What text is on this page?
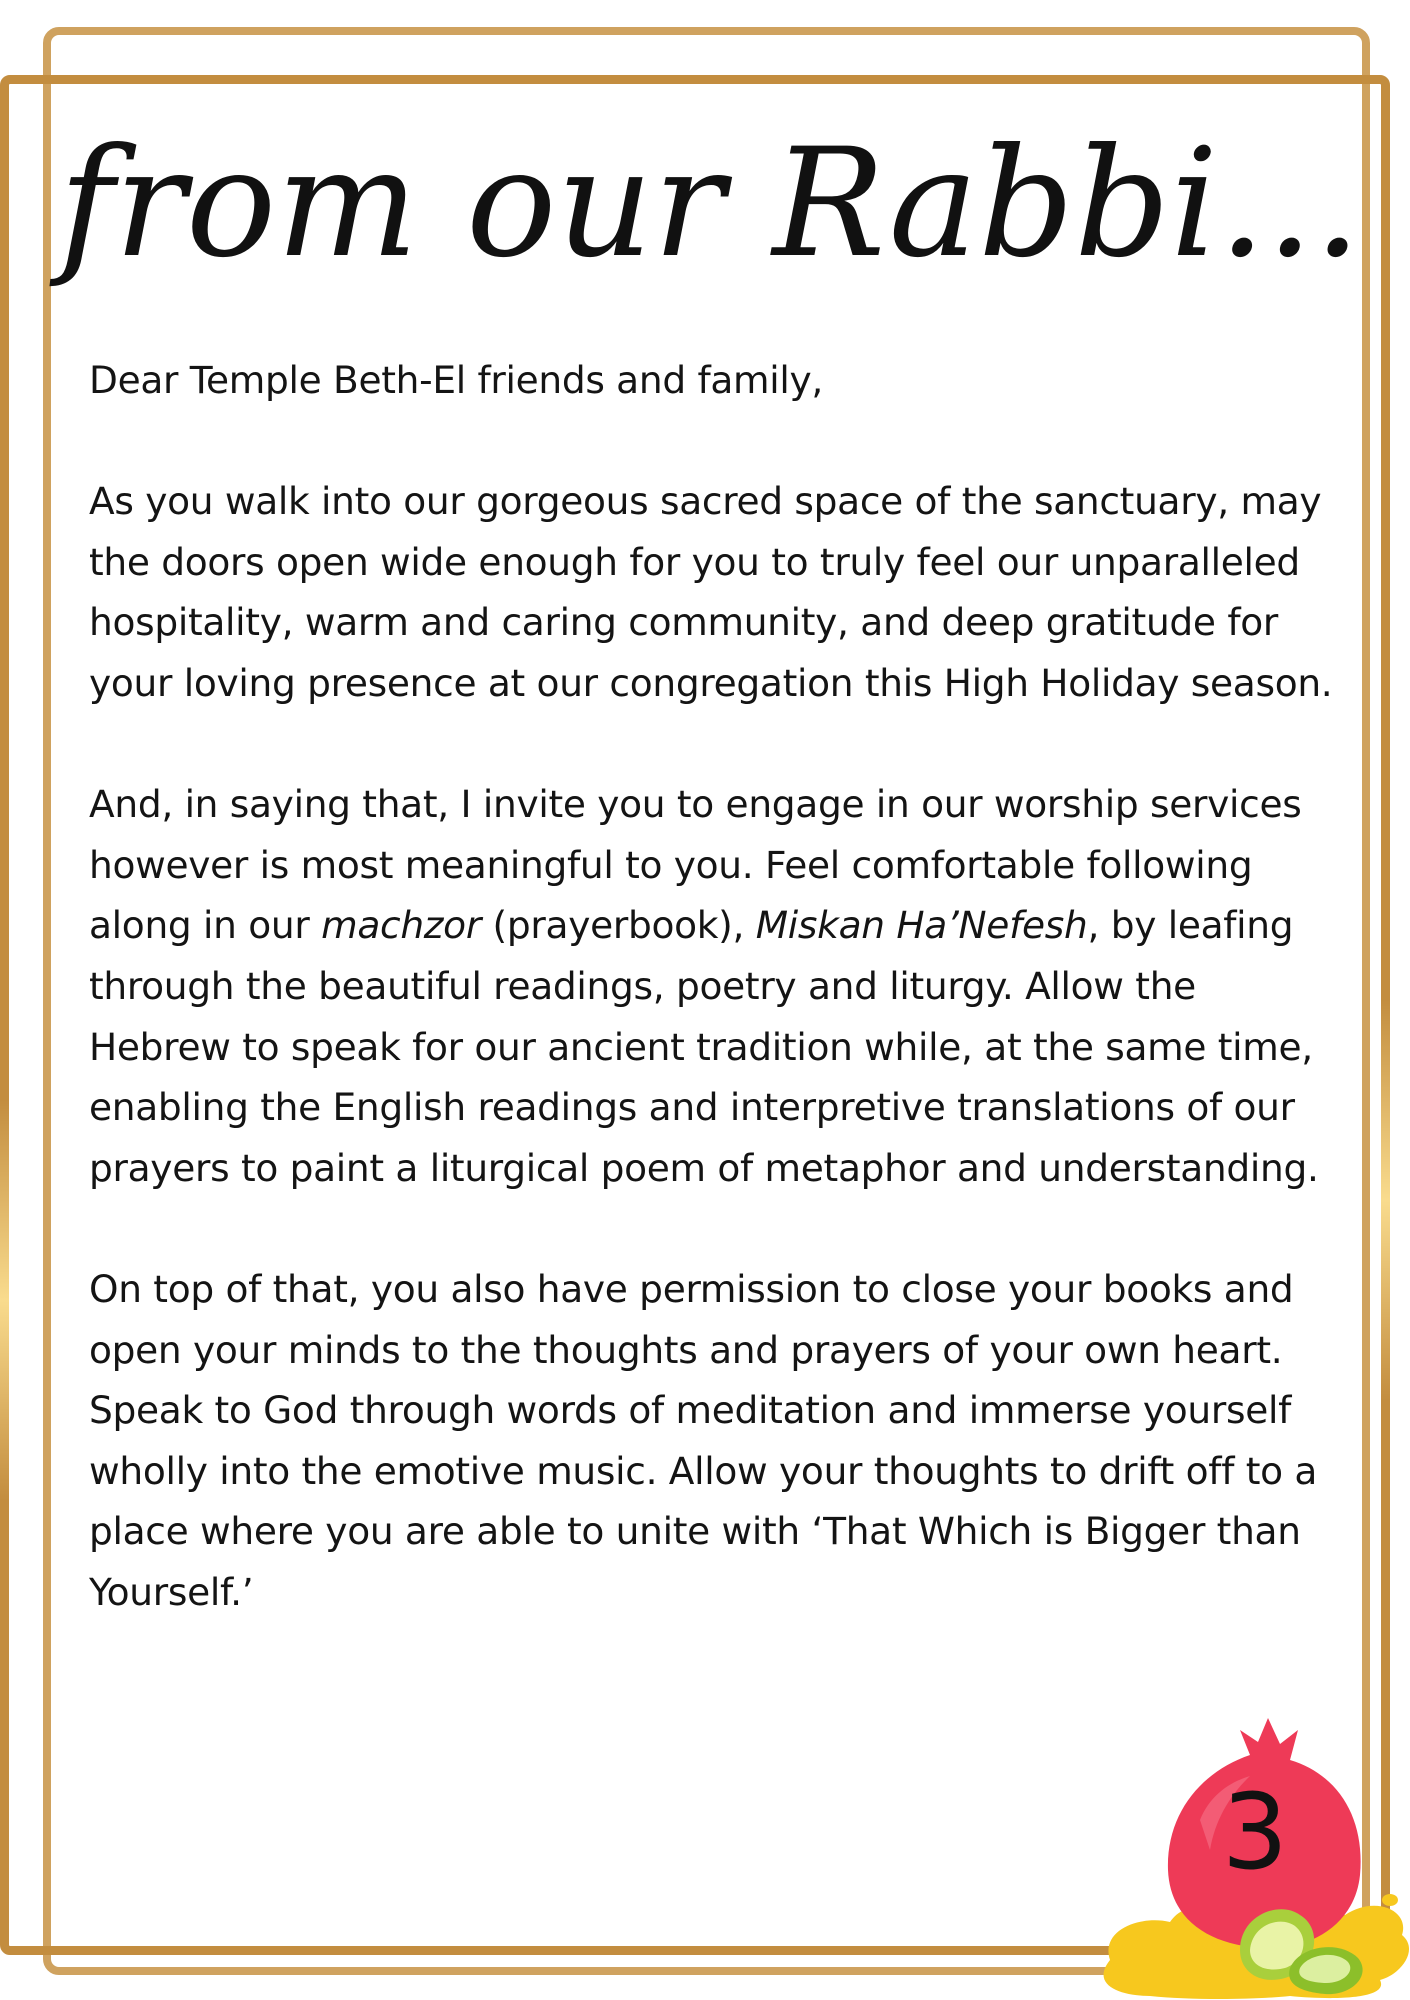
from our Rabbi...

Dear Temple Beth-El friends and family,

As you walk into our gorgeous sacred space of the sanctuary, may
the doors open wide enough for you to truly feel our unparalleled
hospitality, warm and caring community, and deep gratitude for
your loving presence at our congregation this High Holiday season.

And, in saying that, I invite you to engage in our worship services
however is most meaningful to you. Feel comfortable following
along in our machzor (prayerbook), Miskan Ha’Nefesh, by leafing
through the beautiful readings, poetry and liturgy. Allow the
Hebrew to speak for our ancient tradition while, at the same time,
enabling the English readings and interpretive translations of our
prayers to paint a liturgical poem of metaphor and understanding.

On top of that, you also have permission to close your books and
open your minds to the thoughts and prayers of your own heart.
Speak to God through words of meditation and immerse yourself
wholly into the emotive music. Allow your thoughts to drift off to a
place where you are able to unite with ‘That Which is Bigger than
Yourself.’

3
